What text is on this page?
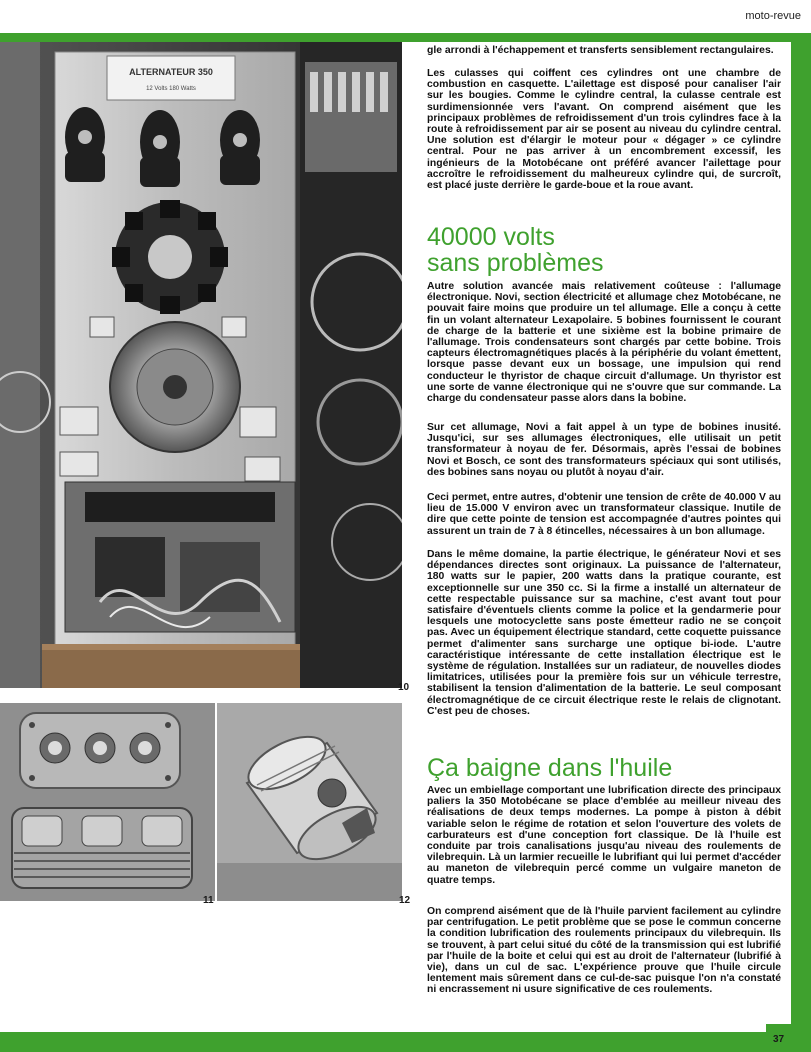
moto-revue
37
ALTERNATEUR 350
12 Volts 180 Watts
10
11	12

gle arrondi à l'échappement et transferts sensiblement rectangulaires.

Les culasses qui coiffent ces cylindres ont une chambre de combustion en casquette. L'ailettage est disposé pour canaliser l'air sur les bougies. Comme le cylindre central, la culasse centrale est surdimensionnée vers l'avant. On comprend aisément que les principaux problèmes de refroidissement d'un trois cylindres face à la route à refroidissement par air se posent au niveau du cylindre central. Une solution est d'élargir le moteur pour « dégager » ce cylindre central. Pour ne pas arriver à un encombrement excessif, les ingénieurs de la Motobécane ont préféré avancer l'ailettage pour accroître le refroidissement du malheureux cylindre qui, de surcroît, est placé juste derrière le garde-boue et la roue avant.

40000 volts
sans problèmes

Autre solution avancée mais relativement coûteuse : l'allumage électronique. Novi, section électricité et allumage chez Motobécane, ne pouvait faire moins que produire un tel allumage. Elle a conçu à cette fin un volant alternateur Lexapolaire. 5 bobines fournissent le courant de charge de la batterie et une sixième est la bobine primaire de l'allumage. Trois condensateurs sont chargés par cette bobine. Trois capteurs électromagnétiques placés à la périphérie du volant émettent, lorsque passe devant eux un bossage, une impulsion qui rend conducteur le thyristor de chaque circuit d'allumage. Un thyristor est une sorte de vanne électronique qui ne s'ouvre que sur commande. La charge du condensateur passe alors dans la bobine.

Sur cet allumage, Novi a fait appel à un type de bobines inusité. Jusqu'ici, sur ses allumages électroniques, elle utilisait un petit transformateur à noyau de fer. Désormais, après l'essai de bobines Novi et Bosch, ce sont des transformateurs spéciaux qui sont utilisés, des bobines sans noyau ou plutôt à noyau d'air.

Ceci permet, entre autres, d'obtenir une tension de crête de 40.000 V au lieu de 15.000 V environ avec un transformateur classique. Inutile de dire que cette pointe de tension est accompagnée d'autres pointes qui assurent un train de 7 à 8 étincelles, nécessaires à un bon allumage.

Dans le même domaine, la partie électrique, le générateur Novi et ses dépendances directes sont originaux. La puissance de l'alternateur, 180 watts sur le papier, 200 watts dans la pratique courante, est exceptionnelle sur une 350 cc. Si la firme a installé un alternateur de cette respectable puissance sur sa machine, c'est avant tout pour satisfaire d'éventuels clients comme la police et la gendarmerie pour lesquels une motocyclette sans poste émetteur radio ne se conçoit pas. Avec un équipement électrique standard, cette coquette puissance permet d'alimenter sans surcharge une optique bi-iode. L'autre caractéristique intéressante de cette installation électrique est le système de régulation. Installées sur un radiateur, de nouvelles diodes limitatrices, utilisées pour la première fois sur un véhicule terrestre, stabilisent la tension d'alimentation de la batterie. Le seul composant électromagnétique de ce circuit électrique reste le relais de clignotant. C'est peu de choses.

Ça baigne dans l'huile

Avec un embiellage comportant une lubrification directe des principaux paliers la 350 Motobécane se place d'emblée au meilleur niveau des réalisations de deux temps modernes. La pompe à piston à débit variable selon le régime de rotation et selon l'ouverture des volets de carburateurs est d'une conception fort classique. De là l'huile est conduite par trois canalisations jusqu'au niveau des roulements de vilebrequin. Là un larmier recueille le lubrifiant qui lui permet d'accéder au maneton de vilebrequin percé comme un vulgaire maneton de quatre temps.

On comprend aisément que de là l'huile parvient facilement au cylindre par centrifugation. Le petit problème que se pose le commun concerne la condition lubrification des roulements principaux du vilebrequin. Ils se trouvent, à part celui situé du côté de la transmission qui est lubrifié par l'huile de la boite et celui qui est au droit de l'alternateur (lubrifié à vie), dans un cul de sac. L'expérience prouve que l'huile circule lentement mais sûrement dans ce cul-de-sac puisque l'on n'a constaté ni encrassement ni usure significative de ces roulements.
